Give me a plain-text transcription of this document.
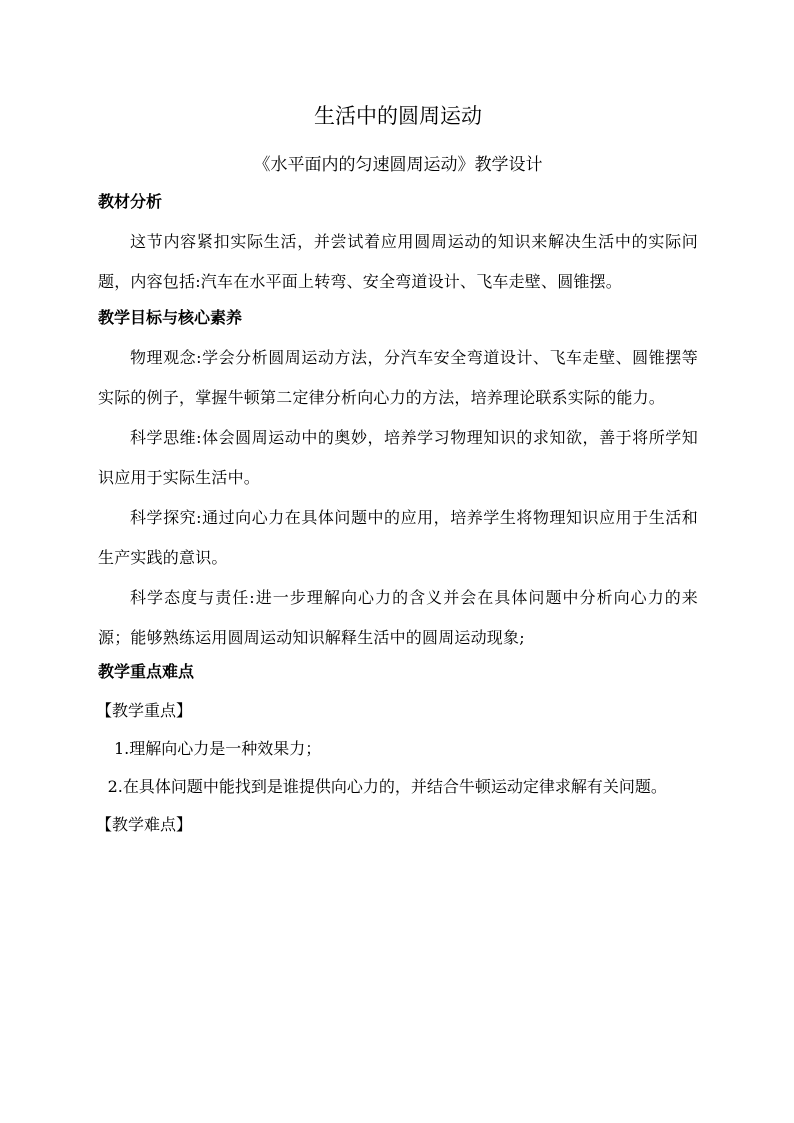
生活中的圆周运动
《水平面内的匀速圆周运动》教学设计
教材分析

这节内容紧扣实际生活，并尝试着应用圆周运动的知识来解决生活中的实际问题，内容包括:汽车在水平面上转弯、安全弯道设计、飞车走壁、圆锥摆。

教学目标与核心素养

物理观念:学会分析圆周运动方法，分汽车安全弯道设计、飞车走壁、圆锥摆等实际的例子，掌握牛顿第二定律分析向心力的方法，培养理论联系实际的能力。

科学思维:体会圆周运动中的奥妙，培养学习物理知识的求知欲，善于将所学知识应用于实际生活中。

科学探究:通过向心力在具体问题中的应用，培养学生将物理知识应用于生活和生产实践的意识。

科学态度与责任:进一步理解向心力的含义并会在具体问题中分析向心力的来源；能够熟练运用圆周运动知识解释生活中的圆周运动现象;

教学重点难点
【教学重点】
1.理解向心力是一种效果力；
2.在具体问题中能找到是谁提供向心力的，并结合牛顿运动定律求解有关问题。
【教学难点】
